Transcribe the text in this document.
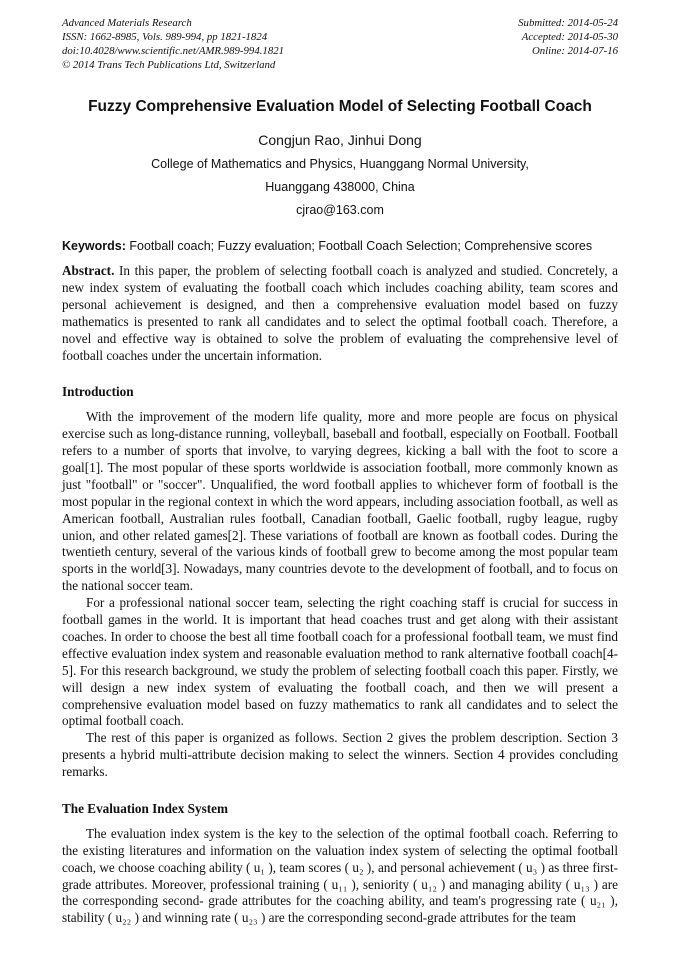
Advanced Materials Research
ISSN: 1662-8985, Vols. 989-994, pp 1821-1824
doi:10.4028/www.scientific.net/AMR.989-994.1821
© 2014 Trans Tech Publications Ltd, Switzerland
Submitted: 2014-05-24
Accepted: 2014-05-30
Online: 2014-07-16
Fuzzy Comprehensive Evaluation Model of Selecting Football Coach
Congjun Rao, Jinhui Dong
College of Mathematics and Physics, Huanggang Normal University,
Huanggang 438000, China
cjrao@163.com
Keywords: Football coach; Fuzzy evaluation; Football Coach Selection; Comprehensive scores

Abstract. In this paper, the problem of selecting football coach is analyzed and studied. Concretely, a new index system of evaluating the football coach which includes coaching ability, team scores and personal achievement is designed, and then a comprehensive evaluation model based on fuzzy mathematics is presented to rank all candidates and to select the optimal football coach. Therefore, a novel and effective way is obtained to solve the problem of evaluating the comprehensive level of football coaches under the uncertain information.

Introduction

With the improvement of the modern life quality, more and more people are focus on physical exercise such as long-distance running, volleyball, baseball and football, especially on Football. Football refers to a number of sports that involve, to varying degrees, kicking a ball with the foot to score a goal[1]. The most popular of these sports worldwide is association football, more commonly known as just "football" or "soccer". Unqualified, the word football applies to whichever form of football is the most popular in the regional context in which the word appears, including association football, as well as American football, Australian rules football, Canadian football, Gaelic football, rugby league, rugby union, and other related games[2]. These variations of football are known as football codes. During the twentieth century, several of the various kinds of football grew to become among the most popular team sports in the world[3]. Nowadays, many countries devote to the development of football, and to focus on the national soccer team.

For a professional national soccer team, selecting the right coaching staff is crucial for success in football games in the world. It is important that head coaches trust and get along with their assistant coaches. In order to choose the best all time football coach for a professional football team, we must find effective evaluation index system and reasonable evaluation method to rank alternative football coach[4-5]. For this research background, we study the problem of selecting football coach this paper. Firstly, we will design a new index system of evaluating the football coach, and then we will present a comprehensive evaluation model based on fuzzy mathematics to rank all candidates and to select the optimal football coach.

The rest of this paper is organized as follows. Section 2 gives the problem description. Section 3 presents a hybrid multi-attribute decision making to select the winners. Section 4 provides concluding remarks.

The Evaluation Index System

The evaluation index system is the key to the selection of the optimal football coach. Referring to the existing literatures and information on the valuation index system of selecting the optimal football coach, we choose coaching ability ( u₁ ), team scores ( u₂ ), and personal achievement ( u₃ ) as three first-grade attributes. Moreover, professional training ( u₁₁ ), seniority ( u₁₂ ) and managing ability ( u₁₃ ) are the corresponding second- grade attributes for the coaching ability, and team's progressing rate ( u₂₁ ), stability ( u₂₂ ) and winning rate ( u₂₃ ) are the corresponding second-grade attributes for the team
